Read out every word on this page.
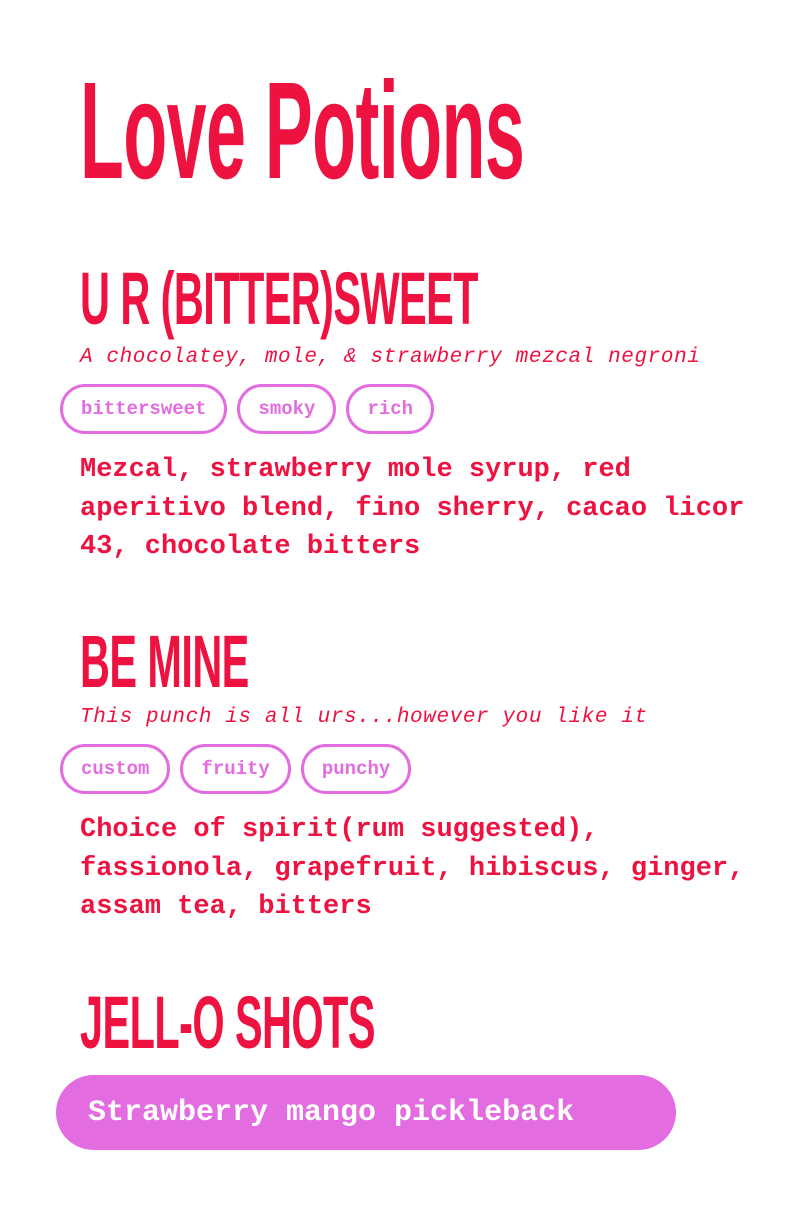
Love Potions
U R (BITTER)SWEET

A chocolatey, mole, & strawberry mezcal negroni

bittersweet	smoky	rich

Mezcal, strawberry mole syrup, red aperitivo blend, fino sherry, cacao licor 43, chocolate bitters

BE MINE

This punch is all urs...however you like it

custom	fruity	punchy

Choice of spirit(rum suggested), fassionola, grapefruit, hibiscus, ginger, assam tea, bitters

JELL-O SHOTS
Strawberry mango pickleback
